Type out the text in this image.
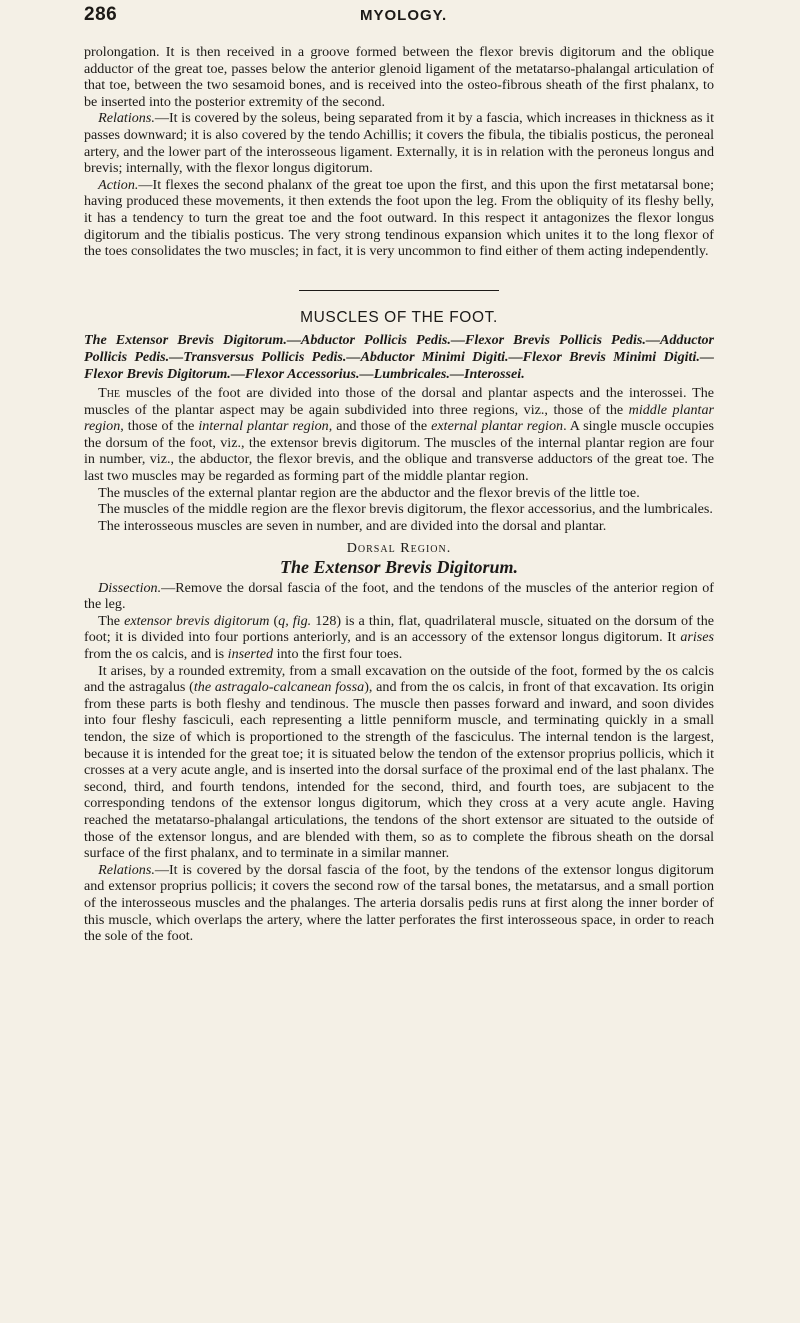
286	MYOLOGY.

prolongation. It is then received in a groove formed between the flexor brevis digitorum and the oblique adductor of the great toe, passes below the anterior glenoid ligament of the metatarso-phalangal articulation of that toe, between the two sesamoid bones, and is received into the osteo-fibrous sheath of the first phalanx, to be inserted into the posterior extremity of the second.

 Relations.—It is covered by the soleus, being separated from it by a fascia, which increases in thickness as it passes downward; it is also covered by the tendo Achillis; it covers the fibula, the tibialis posticus, the peroneal artery, and the lower part of the interosseous ligament. Externally, it is in relation with the peroneus longus and brevis; internally, with the flexor longus digitorum.

 Action.—It flexes the second phalanx of the great toe upon the first, and this upon the first metatarsal bone; having produced these movements, it then extends the foot upon the leg. From the obliquity of its fleshy belly, it has a tendency to turn the great toe and the foot outward. In this respect it antagonizes the flexor longus digitorum and the tibialis posticus. The very strong tendinous expansion which unites it to the long flexor of the toes consolidates the two muscles; in fact, it is very uncommon to find either of them acting independently.

MUSCLES OF THE FOOT.

The Extensor Brevis Digitorum.—Abductor Pollicis Pedis.—Flexor Brevis Pollicis Pedis.—Adductor Pollicis Pedis.—Transversus Pollicis Pedis.—Abductor Minimi Digiti.—Flexor Brevis Minimi Digiti.—Flexor Brevis Digitorum.—Flexor Accessorius.—Lumbricales.—Interossei.

 The muscles of the foot are divided into those of the dorsal and plantar aspects and the interossei. The muscles of the plantar aspect may be again subdivided into three regions, viz., those of the middle plantar region, those of the internal plantar region, and those of the external plantar region. A single muscle occupies the dorsum of the foot, viz., the extensor brevis digitorum. The muscles of the internal plantar region are four in number, viz., the abductor, the flexor brevis, and the oblique and transverse adductors of the great toe. The last two muscles may be regarded as forming part of the middle plantar region.

 The muscles of the external plantar region are the abductor and the flexor brevis of the little toe.

 The muscles of the middle region are the flexor brevis digitorum, the flexor accessorius, and the lumbricales.

 The interosseous muscles are seven in number, and are divided into the dorsal and plantar.

Dorsal Region.
The Extensor Brevis Digitorum.

 Dissection.—Remove the dorsal fascia of the foot, and the tendons of the muscles of the anterior region of the leg.

 The extensor brevis digitorum (q, fig. 128) is a thin, flat, quadrilateral muscle, situated on the dorsum of the foot; it is divided into four portions anteriorly, and is an accessory of the extensor longus digitorum. It arises from the os calcis, and is inserted into the first four toes.

 It arises, by a rounded extremity, from a small excavation on the outside of the foot, formed by the os calcis and the astragalus (the astragalo-calcanean fossa), and from the os calcis, in front of that excavation. Its origin from these parts is both fleshy and tendinous. The muscle then passes forward and inward, and soon divides into four fleshy fasciculi, each representing a little penniform muscle, and terminating quickly in a small tendon, the size of which is proportioned to the strength of the fasciculus. The internal tendon is the largest, because it is intended for the great toe; it is situated below the tendon of the extensor proprius pollicis, which it crosses at a very acute angle, and is inserted into the dorsal surface of the proximal end of the last phalanx. The second, third, and fourth tendons, intended for the second, third, and fourth toes, are subjacent to the corresponding tendons of the extensor longus digitorum, which they cross at a very acute angle. Having reached the metatarso-phalangal articulations, the tendons of the short extensor are situated to the outside of those of the extensor longus, and are blended with them, so as to complete the fibrous sheath on the dorsal surface of the first phalanx, and to terminate in a similar manner.

 Relations.—It is covered by the dorsal fascia of the foot, by the tendons of the extensor longus digitorum and extensor proprius pollicis; it covers the second row of the tarsal bones, the metatarsus, and a small portion of the interosseous muscles and the phalanges. The arteria dorsalis pedis runs at first along the inner border of this muscle, which overlaps the artery, where the latter perforates the first interosseous space, in order to reach the sole of the foot.
